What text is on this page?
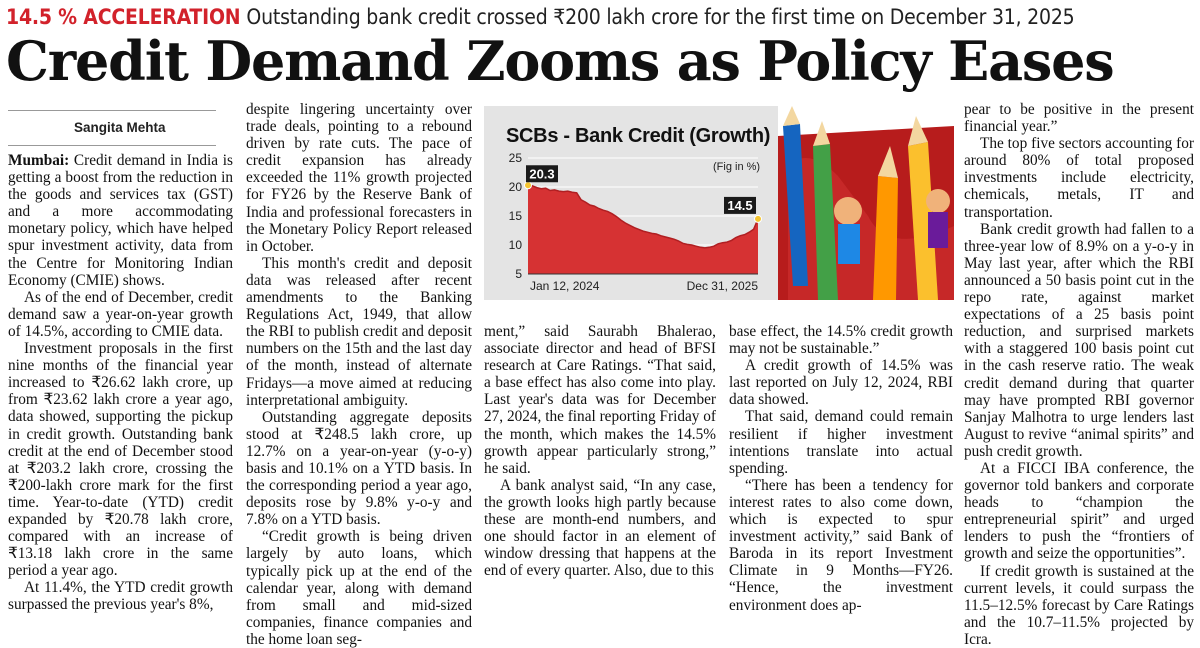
14.5 % ACCELERATION Outstanding bank credit crossed ₹200 lakh crore for the first time on December 31, 2025
Credit Demand Zooms as Policy Eases
Sangita Mehta

Mumbai: Credit demand in India is getting a boost from the reduction in the goods and services tax (GST) and a more accommodating monetary policy, which have helped spur investment activity, data from the Centre for Monitoring Indian Economy (CMIE) shows.

As of the end of December, credit demand saw a year-on-year growth of 14.5%, according to CMIE data.

Investment proposals in the first nine months of the financial year increased to ₹26.62 lakh crore, up from ₹23.62 lakh crore a year ago, data showed, supporting the pickup in credit growth. Outstanding bank credit at the end of December stood at ₹203.2 lakh crore, crossing the ₹200-lakh crore mark for the first time. Year-to-date (YTD) credit expanded by ₹20.78 lakh crore, compared with an increase of ₹13.18 lakh crore in the same period a year ago.

At 11.4%, the YTD credit growth surpassed the previous year's 8%,

despite lingering uncertainty over trade deals, pointing to a rebound driven by rate cuts. The pace of credit expansion has already exceeded the 11% growth projected for FY26 by the Reserve Bank of India and professional forecasters in the Monetary Policy Report released in October.

This month's credit and deposit data was released after recent amendments to the Banking Regulations Act, 1949, that allow the RBI to publish credit and deposit numbers on the 15th and the last day of the month, instead of alternate Fridays—a move aimed at reducing interpretational ambiguity.

Outstanding aggregate deposits stood at ₹248.5 lakh crore, up 12.7% on a year-on-year (y-o-y) basis and 10.1% on a YTD basis. In the corresponding period a year ago, deposits rose by 9.8% y-o-y and 7.8% on a YTD basis.

“Credit growth is being driven largely by auto loans, which typically pick up at the end of the calendar year, along with demand from small and mid-sized companies, finance companies and the home loan seg-

5
10
15
20
25
20.3
14.5
Jan 12, 2024	Dec 31, 2025
SCBs - Bank Credit (Growth)
(Fig in %)

ment,” said Saurabh Bhalerao, associate director and head of BFSI research at Care Ratings. “That said, a base effect has also come into play. Last year's data was for December 27, 2024, the final reporting Friday of the month, which makes the 14.5% growth appear particularly strong,” he said.

A bank analyst said, “In any case, the growth looks high partly because these are month-end numbers, and one should factor in an element of window dressing that happens at the end of every quarter. Also, due to this

base effect, the 14.5% credit growth may not be sustainable.”

A credit growth of 14.5% was last reported on July 12, 2024, RBI data showed.

That said, demand could remain resilient if higher investment intentions translate into actual spending.

“There has been a tendency for interest rates to also come down, which is expected to spur investment activity,” said Bank of Baroda in its report Investment Climate in 9 Months—FY26. “Hence, the investment environment does ap-

pear to be positive in the present financial year.”

The top five sectors accounting for around 80% of total proposed investments include electricity, chemicals, metals, IT and transportation.

Bank credit growth had fallen to a three-year low of 8.9% on a y-o-y in May last year, after which the RBI announced a 50 basis point cut in the repo rate, against market expectations of a 25 basis point reduction, and surprised markets with a staggered 100 basis point cut in the cash reserve ratio. The weak credit demand during that quarter may have prompted RBI governor Sanjay Malhotra to urge lenders last August to revive “animal spirits” and push credit growth.

At a FICCI IBA conference, the governor told bankers and corporate heads to “champion the entrepreneurial spirit” and urged lenders to push the “frontiers of growth and seize the opportunities”.

If credit growth is sustained at the current levels, it could surpass the 11.5–12.5% forecast by Care Ratings and the 10.7–11.5% projected by Icra.
